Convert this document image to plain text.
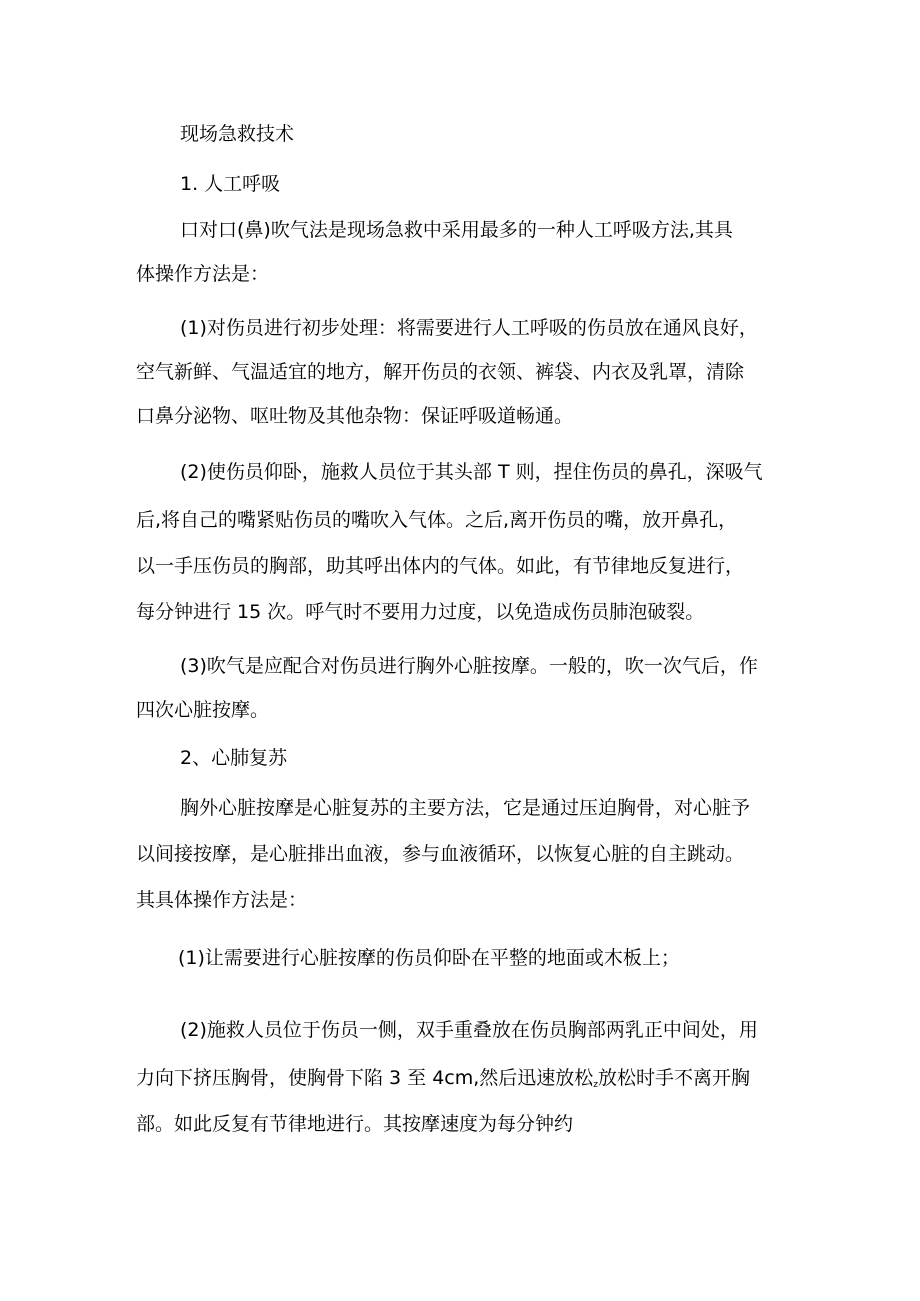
现场急救技术
1. 人工呼吸
口对口(鼻)吹气法是现场急救中采用最多的一种人工呼吸方法,其具
体操作方法是：
(1)对伤员进行初步处理：将需要进行人工呼吸的伤员放在通风良好，
空气新鲜、气温适宜的地方，解开伤员的衣领、裤袋、内衣及乳罩，清除
口鼻分泌物、呕吐物及其他杂物：保证呼吸道畅通。
(2)使伤员仰卧，施救人员位于其头部 T 则，捏住伤员的鼻孔，深吸气
后,将自己的嘴紧贴伤员的嘴吹入气体。之后,离开伤员的嘴，放开鼻孔，
以一手压伤员的胸部，助其呼出体内的气体。如此，有节律地反复进行，
每分钟进行 15 次。呼气时不要用力过度，以免造成伤员肺泡破裂。
(3)吹气是应配合对伤员进行胸外心脏按摩。一般的，吹一次气后，作
四次心脏按摩。
2、心肺复苏
胸外心脏按摩是心脏复苏的主要方法，它是通过压迫胸骨，对心脏予
以间接按摩，是心脏排出血液，参与血液循环，以恢复心脏的自主跳动。
其具体操作方法是：
(1)让需要进行心脏按摩的伤员仰卧在平整的地面或木板上；
(2)施救人员位于伤员一侧，双手重叠放在伤员胸部两乳正中间处，用
力向下挤压胸骨，使胸骨下陷 3 至 4cm,然后迅速放松$_z$放松时手不离开胸
部。如此反复有节律地进行。其按摩速度为每分钟约
